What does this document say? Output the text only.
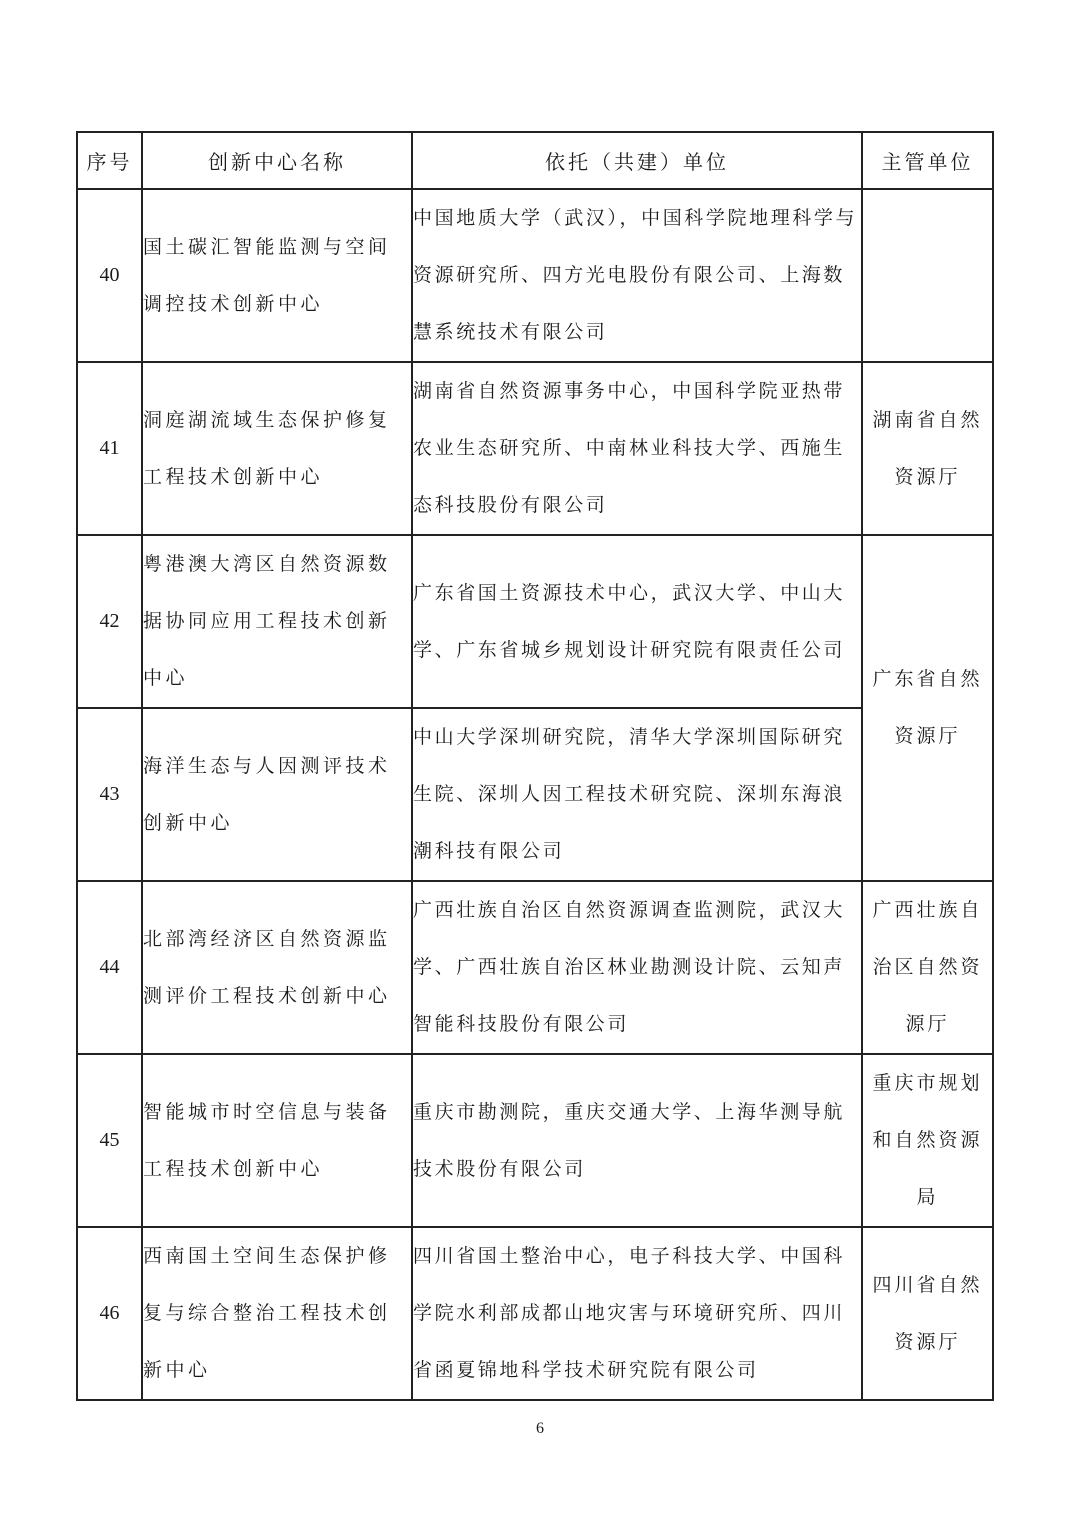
序号	创新中心名称	依托（共建）单位	主管单位
40	国土碳汇智能监测与空间调控技术创新中心	中国地质大学（武汉），中国科学院地理科学与资源研究所、四方光电股份有限公司、上海数慧系统技术有限公司	
41	洞庭湖流域生态保护修复工程技术创新中心	湖南省自然资源事务中心，中国科学院亚热带农业生态研究所、中南林业科技大学、西施生态科技股份有限公司	湖南省自然资源厅
42	粤港澳大湾区自然资源数据协同应用工程技术创新中心	广东省国土资源技术中心，武汉大学、中山大学、广东省城乡规划设计研究院有限责任公司	广东省自然资源厅
43	海洋生态与人因测评技术创新中心	中山大学深圳研究院，清华大学深圳国际研究生院、深圳人因工程技术研究院、深圳东海浪潮科技有限公司	
44	北部湾经济区自然资源监测评价工程技术创新中心	广西壮族自治区自然资源调查监测院，武汉大学、广西壮族自治区林业勘测设计院、云知声智能科技股份有限公司	广西壮族自治区自然资源厅
45	智能城市时空信息与装备工程技术创新中心	重庆市勘测院，重庆交通大学、上海华测导航技术股份有限公司	重庆市规划和自然资源局
46	西南国土空间生态保护修复与综合整治工程技术创新中心	四川省国土整治中心，电子科技大学、中国科学院水利部成都山地灾害与环境研究所、四川省函夏锦地科学技术研究院有限公司	四川省自然资源厅
6
